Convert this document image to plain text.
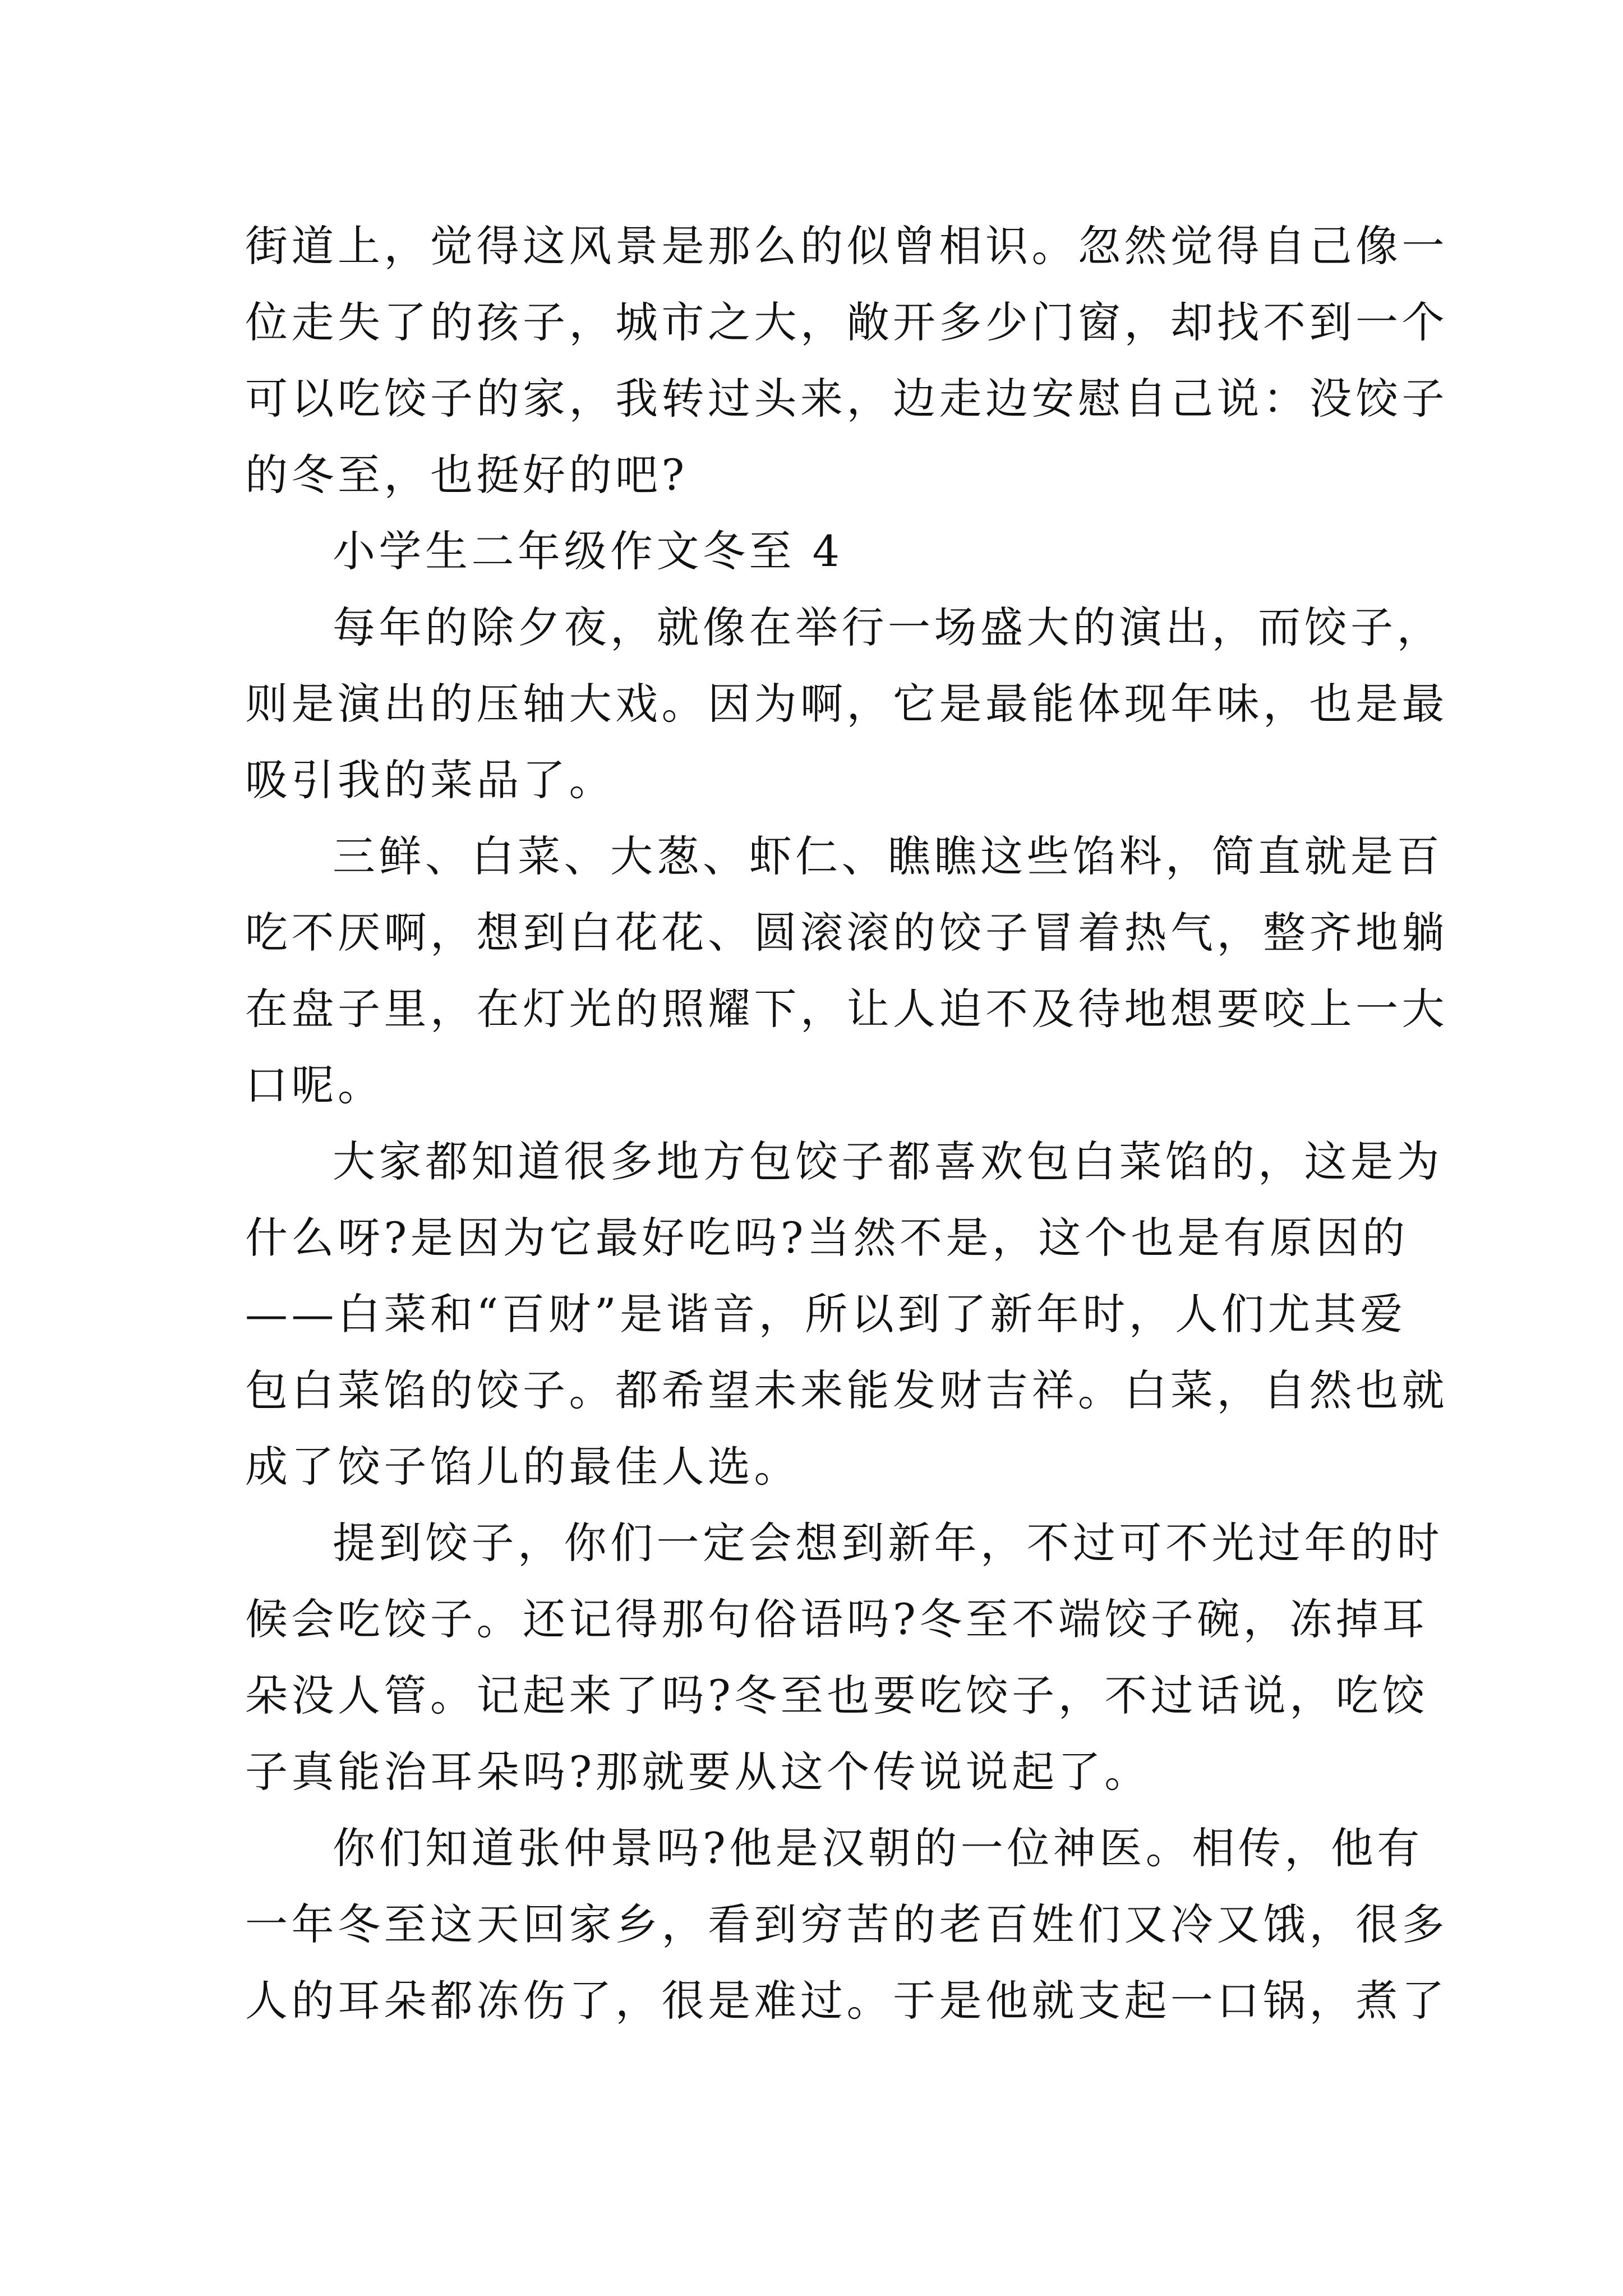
街道上，觉得这风景是那么的似曾相识。忽然觉得自己像一
位走失了的孩子，城市之大，敞开多少门窗，却找不到一个
可以吃饺子的家，我转过头来，边走边安慰自己说：没饺子
的冬至，也挺好的吧?
小学生二年级作文冬至 4
每年的除夕夜，就像在举行一场盛大的演出，而饺子，
则是演出的压轴大戏。因为啊，它是最能体现年味，也是最
吸引我的菜品了。
三鲜、白菜、大葱、虾仁、瞧瞧这些馅料，简直就是百
吃不厌啊，想到白花花、圆滚滚的饺子冒着热气，整齐地躺
在盘子里，在灯光的照耀下，让人迫不及待地想要咬上一大
口呢。
大家都知道很多地方包饺子都喜欢包白菜馅的，这是为
什么呀?是因为它最好吃吗?当然不是，这个也是有原因的
——白菜和“百财”是谐音，所以到了新年时，人们尤其爱
包白菜馅的饺子。都希望未来能发财吉祥。白菜，自然也就
成了饺子馅儿的最佳人选。
提到饺子，你们一定会想到新年，不过可不光过年的时
候会吃饺子。还记得那句俗语吗?冬至不端饺子碗，冻掉耳
朵没人管。记起来了吗?冬至也要吃饺子，不过话说，吃饺
子真能治耳朵吗?那就要从这个传说说起了。
你们知道张仲景吗?他是汉朝的一位神医。相传，他有
一年冬至这天回家乡，看到穷苦的老百姓们又冷又饿，很多
人的耳朵都冻伤了，很是难过。于是他就支起一口锅，煮了
